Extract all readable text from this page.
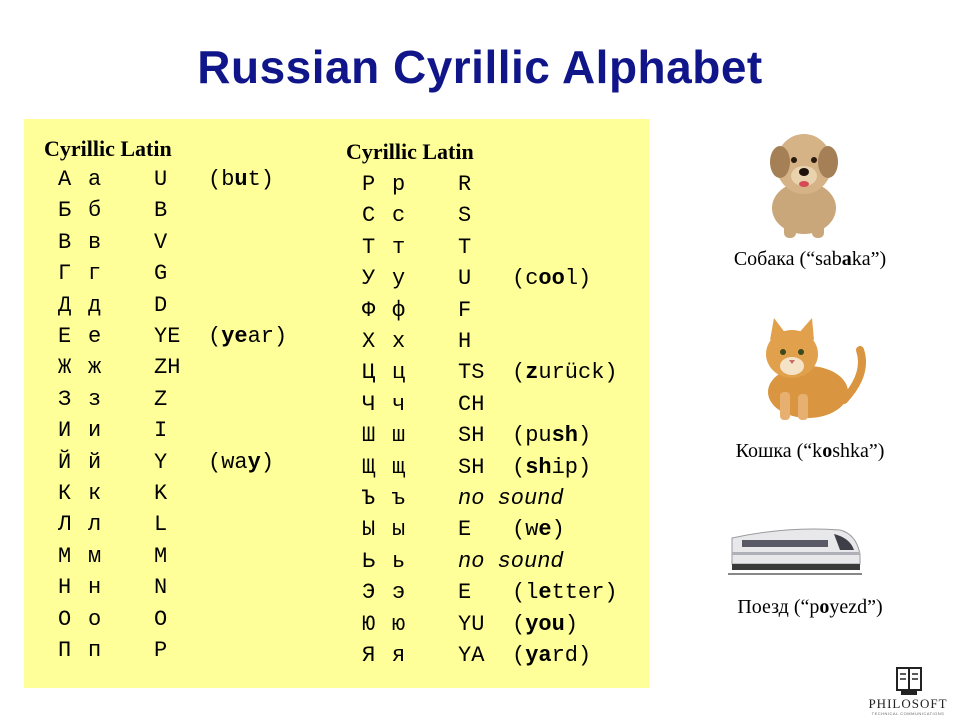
Russian Cyrillic Alphabet
Cyrillic Latin	Cyrillic Latin
А а U (but)
Б б B
В в V
Г г G
Д д D
Е е YE (year)
Ж ж ZH
З з Z
И и I
Й й Y (way)
К к K
Л л L
М м M
Н н N
О о O
П п P
Р р R
С с S
Т т T
У у U (cool)
Ф ф F
Х х H
Ц ц TS (zurück)
Ч ч CH
Ш ш SH (push)
Щ щ SH (ship)
Ъ ъ no sound
Ы ы E (we)
Ь ь no sound
Э э E (letter)
Ю ю YU (you)
Я я YA (yard)
Собака (“sabaka”)
Кошка (“koshka”)
Поезд (“poyezd”)
PHILOSOFT
TECHNICAL COMMUNICATIONS
